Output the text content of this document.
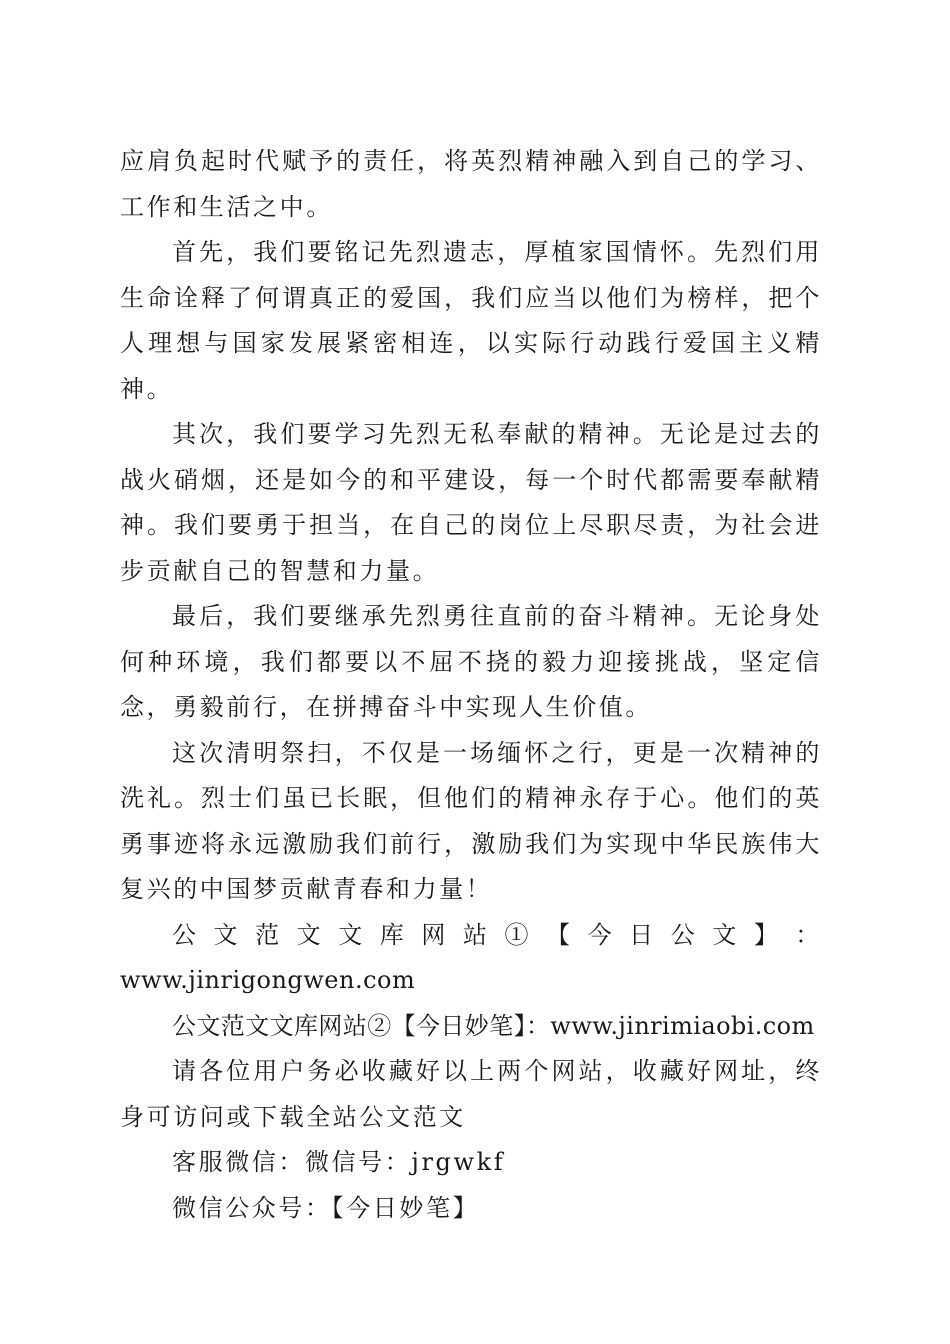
应肩负起时代赋予的责任，将英烈精神融入到自己的学习、工作和生活之中。

首先，我们要铭记先烈遗志，厚植家国情怀。先烈们用生命诠释了何谓真正的爱国，我们应当以他们为榜样，把个人理想与国家发展紧密相连，以实际行动践行爱国主义精神。

其次，我们要学习先烈无私奉献的精神。无论是过去的战火硝烟，还是如今的和平建设，每一个时代都需要奉献精神。我们要勇于担当，在自己的岗位上尽职尽责，为社会进步贡献自己的智慧和力量。

最后，我们要继承先烈勇往直前的奋斗精神。无论身处何种环境，我们都要以不屈不挠的毅力迎接挑战，坚定信念，勇毅前行，在拼搏奋斗中实现人生价值。

这次清明祭扫，不仅是一场缅怀之行，更是一次精神的洗礼。烈士们虽已长眠，但他们的精神永存于心。他们的英勇事迹将永远激励我们前行，激励我们为实现中华民族伟大复兴的中国梦贡献青春和力量！

公 文 范 文 文 库 网 站 ① 【 今 日 公 文 】 ：

www.jinrigongwen.com

公文范文文库网站②【今日妙笔】：www.jinrimiaobi.com

请各位用户务必收藏好以上两个网站，收藏好网址，终身可访问或下载全站公文范文

客服微信：微信号：jrgwkf

微信公众号：【今日妙笔】
